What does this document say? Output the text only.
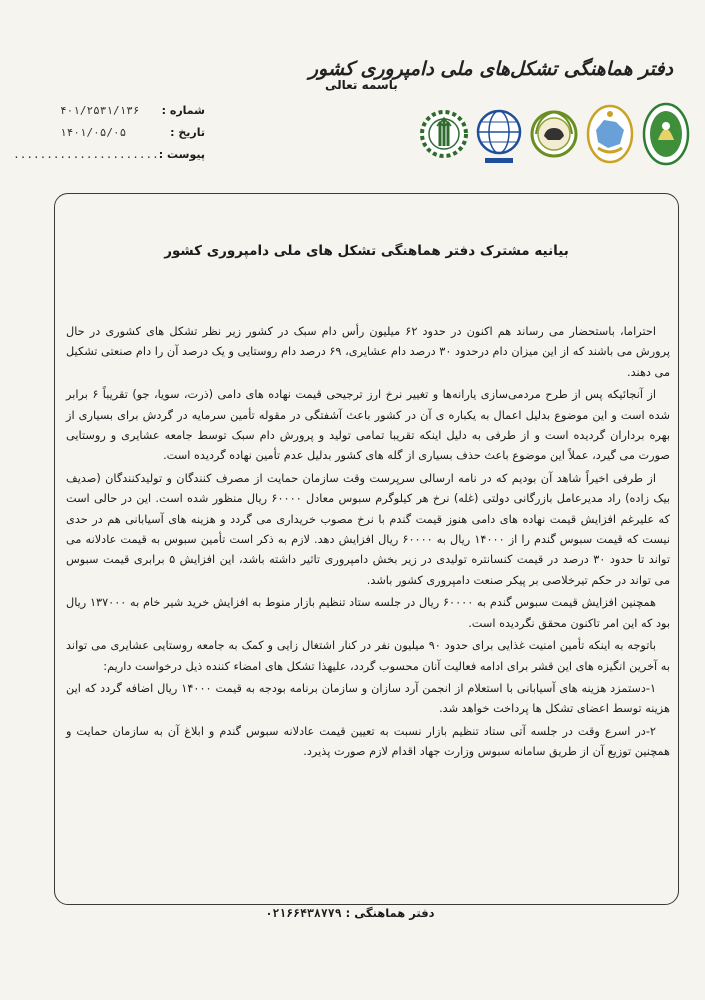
دفتر هماهنگی تشکل‌های ملی دامپروری کشور
باسمه تعالی
شماره :
۴۰۱/۲۵۳۱/۱۳۶
تاریخ :
۱۴۰۱/۰۵/۰۵
پیوست :
......................
بیانیه مشترک دفتر هماهنگی تشکل های ملی دامپروری کشور

احتراما، باستحضار می رساند هم اکنون در حدود ۶۲ میلیون رأس دام سبک در کشور زیر نظر تشکل های کشوری در حال پرورش می باشند که از این میزان دام درحدود ۳۰ درصد دام عشایری، ۶۹ درصد دام روستایی و یک درصد آن را دام صنعتی تشکیل می دهند.

از آنجائیکه پس از طرح مردمی‌سازی یارانه‌ها و تغییر نرخ ارز ترجیحی قیمت نهاده های دامی (ذرت، سویا، جو) تقریباً ۶ برابر شده است و این موضوع بدلیل اعمال به یکباره ی آن در کشور باعث آشفتگی در مقوله تأمین سرمایه در گردش برای بسیاری از بهره برداران گردیده است و از طرفی به دلیل اینکه تقریبا تمامی تولید و پرورش دام سبک توسط جامعه عشایری و روستایی صورت می گیرد، عملاً این موضوع باعث حذف بسیاری از گله های کشور بدلیل عدم تأمین نهاده گردیده است.

از طرفی اخیراً شاهد آن بودیم که در نامه ارسالی سرپرست وقت سازمان حمایت از مصرف کنندگان و تولیدکنندگان (صدیف بیک زاده) راد مدیرعامل بازرگانی دولتی (غله) نرخ هر کیلوگرم سبوس معادل ۶۰۰۰۰ ریال منظور شده است. این در حالی است که علیرغم افزایش قیمت نهاده های دامی هنوز قیمت گندم با نرخ مصوب خریداری می گردد و هزینه های آسیابانی هم در حدی نیست که قیمت سبوس گندم را از ۱۴۰۰۰ ریال به ۶۰۰۰۰ ریال افزایش دهد. لازم به ذکر است تأمین سبوس به قیمت عادلانه می تواند تا حدود ۳۰ درصد در قیمت کنسانتره تولیدی در زیر بخش دامپروری تاثیر داشته باشد، این افزایش ۵ برابری قیمت سبوس می تواند در حکم تیرخلاصی بر پیکر صنعت دامپروری کشور باشد.

همچنین افزایش قیمت سبوس گندم به ۶۰۰۰۰ ریال در جلسه ستاد تنظیم بازار منوط به افزایش خرید شیر خام به ۱۳۷۰۰۰ ریال بود که این امر تاکنون محقق نگردیده است.

باتوجه به اینکه تأمین امنیت غذایی برای حدود ۹۰ میلیون نفر در کنار اشتغال زایی و کمک به جامعه روستایی عشایری می تواند به آخرین انگیزه های این قشر برای ادامه فعالیت آنان محسوب گردد، علیهذا تشکل های امضاء کننده ذیل درخواست داریم:

۱-دستمزد هزینه های آسیابانی با استعلام از انجمن آرد سازان و سازمان برنامه بودجه به قیمت ۱۴۰۰۰ ریال اضافه گردد که این هزینه توسط اعضای تشکل ها پرداخت خواهد شد.

۲-در اسرع وقت در جلسه آتی ستاد تنظیم بازار نسبت به تعیین قیمت عادلانه سبوس گندم و ابلاغ آن به سازمان حمایت و همچنین توزیع آن از طریق سامانه سبوس وزارت جهاد اقدام لازم صورت پذیرد.

دفتر هماهنگی : ۰۲۱۶۶۴۳۸۷۷۹
